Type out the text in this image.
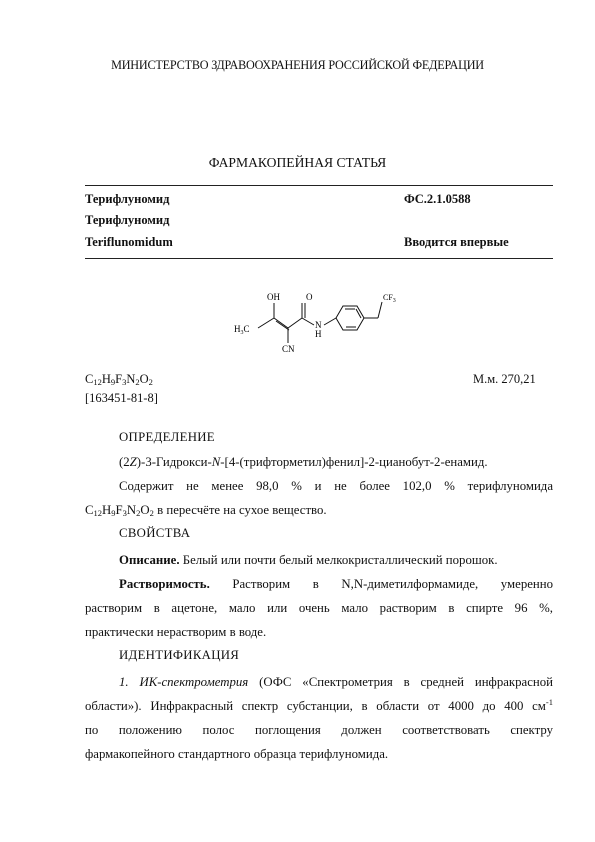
МИНИСТЕРСТВО ЗДРАВООХРАНЕНИЯ РОССИЙСКОЙ ФЕДЕРАЦИИ
ФАРМАКОПЕЙНАЯ СТАТЬЯ
Терифлуномид	ФС.2.1.0588
Терифлуномид
Teriflunomidum	Вводится впервые
OH	O	$CF_3$
$H_3C$	N
H
CN
$C_{12}H_9F_3N_2O_2$	М.м. 270,21
[163451-81-8]
ОПРЕДЕЛЕНИЕ
(2Z)-3-Гидрокси-N-[4-(трифторметил)фенил]-2-цианобут-2-енамид.
Содержит не менее 98,0 % и не более 102,0 % терифлуномида
$C_{12}H_9F_3N_2O_2$ в пересчёте на сухое вещество.
СВОЙСТВА
Описание. Белый или почти белый мелкокристаллический порошок.
Растворимость. Растворим в N,N-диметилформамиде, умеренно
растворим в ацетоне, мало или очень мало растворим в спирте 96 %,
практически нерастворим в воде.
ИДЕНТИФИКАЦИЯ
1. ИК-спектрометрия (ОФС «Спектрометрия в средней инфракрасной
области»). Инфракрасный спектр субстанции, в области от 4000 до 400 $см^{-1}$
по положению полос поглощения должен соответствовать спектру
фармакопейного стандартного образца терифлуномида.
